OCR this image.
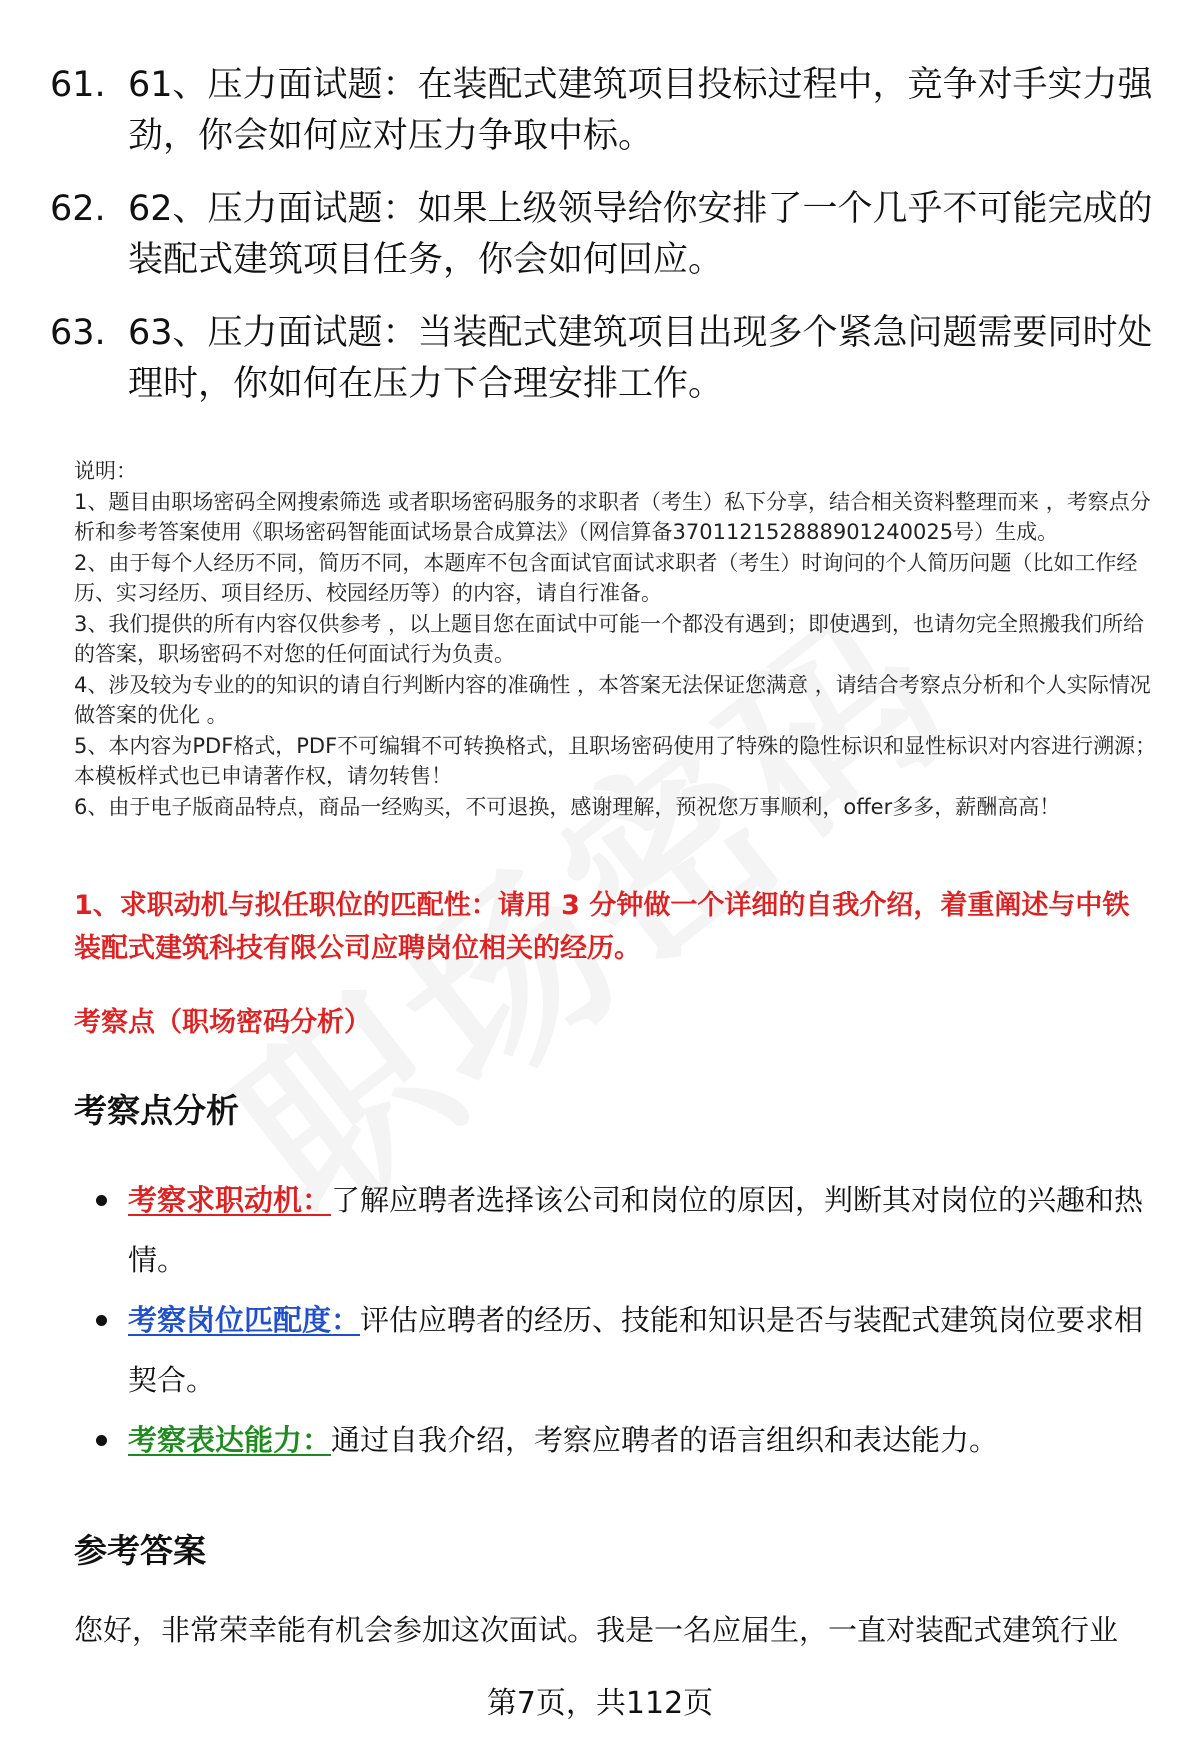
61. 61、压力面试题：在装配式建筑项目投标过程中，竞争对手实力强劲，你会如何应对压力争取中标。
62. 62、压力面试题：如果上级领导给你安排了一个几乎不可能完成的装配式建筑项目任务，你会如何回应。
63. 63、压力面试题：当装配式建筑项目出现多个紧急问题需要同时处理时，你如何在压力下合理安排工作。

说明：

1、题目由职场密码全网搜索筛选 或者职场密码服务的求职者（考生）私下分享，结合相关资料整理而来 ，考察点分析和参考答案使用《职场密码智能面试场景合成算法》（网信算备370112152888901240025号）生成。

2、由于每个人经历不同，简历不同，本题库不包含面试官面试求职者（考生）时询问的个人简历问题（比如工作经历、实习经历、项目经历、校园经历等）的内容，请自行准备。

3、我们提供的所有内容仅供参考 ，以上题目您在面试中可能一个都没有遇到；即使遇到，也请勿完全照搬我们所给的答案，职场密码不对您的任何面试行为负责。

4、涉及较为专业的的知识的请自行判断内容的准确性 ，本答案无法保证您满意 ，请结合考察点分析和个人实际情况做答案的优化 。

5、本内容为PDF格式，PDF不可编辑不可转换格式，且职场密码使用了特殊的隐性标识和显性标识对内容进行溯源；本模板样式也已申请著作权，请勿转售！

6、由于电子版商品特点，商品一经购买，不可退换，感谢理解，预祝您万事顺利，offer多多，薪酬高高！

1、求职动机与拟任职位的匹配性：请用 3 分钟做一个详细的自我介绍，着重阐述与中铁装配式建筑科技有限公司应聘岗位相关的经历。
考察点（职场密码分析）
考察点分析
考察求职动机：了解应聘者选择该公司和岗位的原因，判断其对岗位的兴趣和热情。
考察岗位匹配度：评估应聘者的经历、技能和知识是否与装配式建筑岗位要求相契合。
考察表达能力：通过自我介绍，考察应聘者的语言组织和表达能力。
参考答案
您好，非常荣幸能有机会参加这次面试。我是一名应届生，一直对装配式建筑行业
第7页，共112页
